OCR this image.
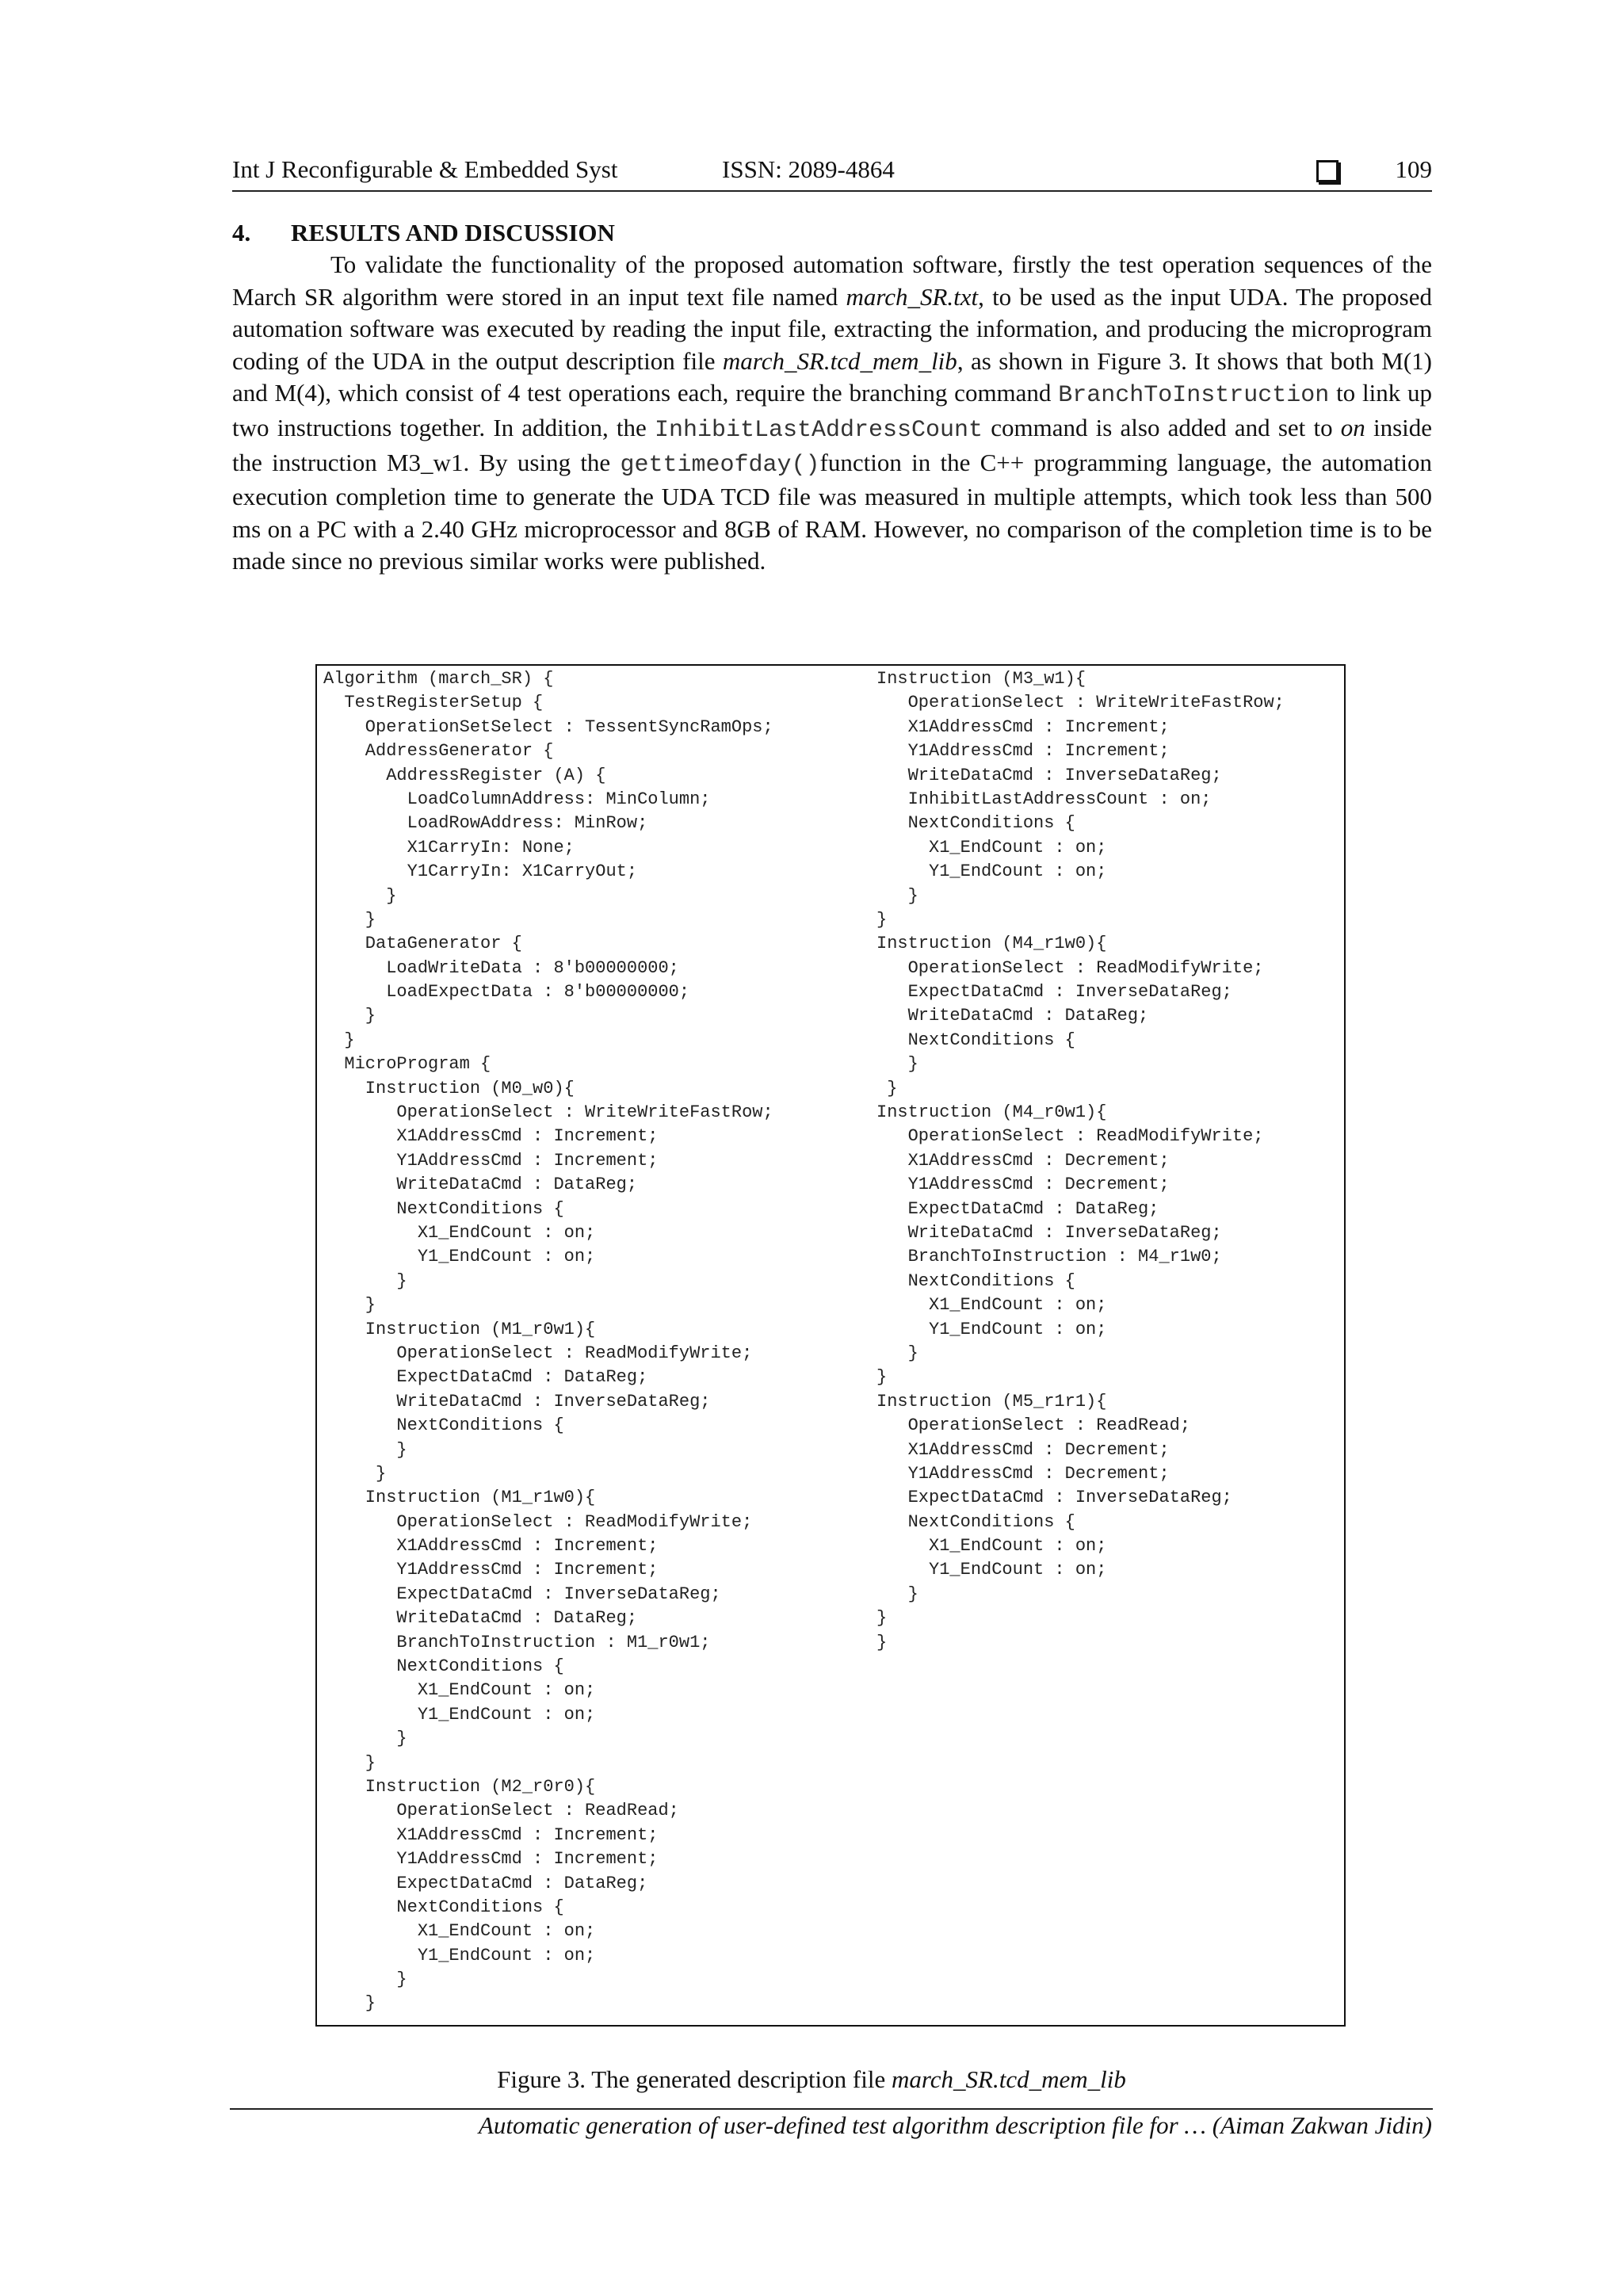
Int J Reconfigurable & Embedded Syst	ISSN: 2089-4864	109
4. RESULTS AND DISCUSSION
To validate the functionality of the proposed automation software, firstly the test operation sequences of the March SR algorithm were stored in an input text file named march_SR.txt, to be used as the input UDA. The proposed automation software was executed by reading the input file, extracting the information, and producing the microprogram coding of the UDA in the output description file march_SR.tcd_mem_lib, as shown in Figure 3. It shows that both M(1) and M(4), which consist of 4 test operations each, require the branching command BranchToInstruction to link up two instructions together. In addition, the InhibitLastAddressCount command is also added and set to on inside the instruction M3_w1. By using the gettimeofday()function in the C++ programming language, the automation execution completion time to generate the UDA TCD file was measured in multiple attempts, which took less than 500 ms on a PC with a 2.40 GHz microprocessor and 8GB of RAM. However, no comparison of the completion time is to be made since no previous similar works were published.
Algorithm (march_SR) {
TestRegisterSetup {
OperationSetSelect : TessentSyncRamOps;
AddressGenerator {
AddressRegister (A) {
LoadColumnAddress: MinColumn;
LoadRowAddress: MinRow;
X1CarryIn: None;
Y1CarryIn: X1CarryOut;
}
}
DataGenerator {
LoadWriteData : 8'b00000000;
LoadExpectData : 8'b00000000;
}
}
MicroProgram {
Instruction (M0_w0){
OperationSelect : WriteWriteFastRow;
X1AddressCmd : Increment;
Y1AddressCmd : Increment;
WriteDataCmd : DataReg;
NextConditions {
X1_EndCount : on;
Y1_EndCount : on;
}
}
Instruction (M1_r0w1){
OperationSelect : ReadModifyWrite;
ExpectDataCmd : DataReg;
WriteDataCmd : InverseDataReg;
NextConditions {
}
}
Instruction (M1_r1w0){
OperationSelect : ReadModifyWrite;
X1AddressCmd : Increment;
Y1AddressCmd : Increment;
ExpectDataCmd : InverseDataReg;
WriteDataCmd : DataReg;
BranchToInstruction : M1_r0w1;
NextConditions {
X1_EndCount : on;
Y1_EndCount : on;
}
}
Instruction (M2_r0r0){
OperationSelect : ReadRead;
X1AddressCmd : Increment;
Y1AddressCmd : Increment;
ExpectDataCmd : DataReg;
NextConditions {
X1_EndCount : on;
Y1_EndCount : on;
}
}
Instruction (M3_w1){
OperationSelect : WriteWriteFastRow;
X1AddressCmd : Increment;
Y1AddressCmd : Increment;
WriteDataCmd : InverseDataReg;
InhibitLastAddressCount : on;
NextConditions {
X1_EndCount : on;
Y1_EndCount : on;
}
}
Instruction (M4_r1w0){
OperationSelect : ReadModifyWrite;
ExpectDataCmd : InverseDataReg;
WriteDataCmd : DataReg;
NextConditions {
}
}
Instruction (M4_r0w1){
OperationSelect : ReadModifyWrite;
X1AddressCmd : Decrement;
Y1AddressCmd : Decrement;
ExpectDataCmd : DataReg;
WriteDataCmd : InverseDataReg;
BranchToInstruction : M4_r1w0;
NextConditions {
X1_EndCount : on;
Y1_EndCount : on;
}
}
Instruction (M5_r1r1){
OperationSelect : ReadRead;
X1AddressCmd : Decrement;
Y1AddressCmd : Decrement;
ExpectDataCmd : InverseDataReg;
NextConditions {
X1_EndCount : on;
Y1_EndCount : on;
}
}
}
Figure 3. The generated description file march_SR.tcd_mem_lib
Automatic generation of user-defined test algorithm description file for … (Aiman Zakwan Jidin)
